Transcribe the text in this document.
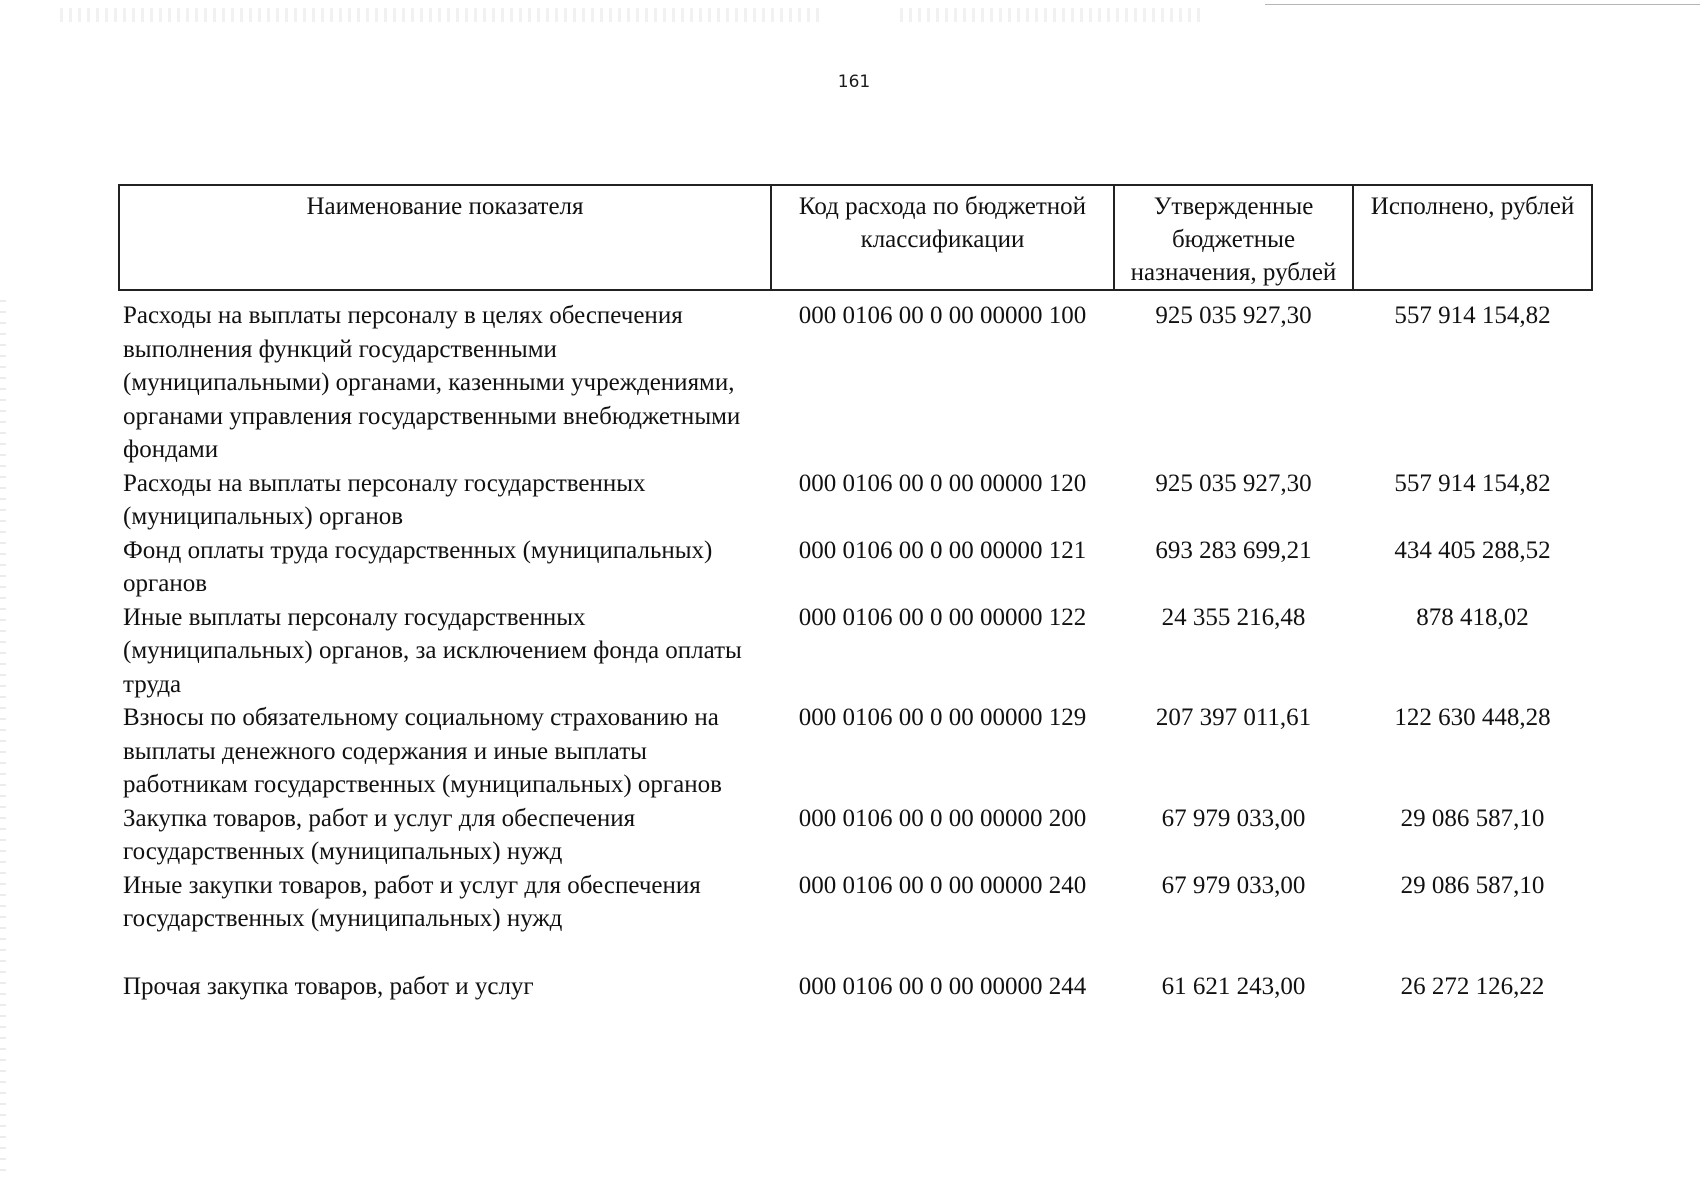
161
Наименование показателя	Код расхода по бюджетной классификации	Утвержденные бюджетные назначения, рублей	Исполнено, рублей
Расходы на выплаты персоналу в целях обеспечения выполнения функций государственными (муниципальными) органами, казенными учреждениями, органами управления государственными внебюджетными фондами	000 0106 00 0 00 00000 100	925 035 927,30	557 914 154,82
Расходы на выплаты персоналу государственных (муниципальных) органов	000 0106 00 0 00 00000 120	925 035 927,30	557 914 154,82
Фонд оплаты труда государственных (муниципальных) органов	000 0106 00 0 00 00000 121	693 283 699,21	434 405 288,52
Иные выплаты персоналу государственных (муниципальных) органов, за исключением фонда оплаты труда	000 0106 00 0 00 00000 122	24 355 216,48	878 418,02
Взносы по обязательному социальному страхованию на выплаты денежного содержания и иные выплаты работникам государственных (муниципальных) органов	000 0106 00 0 00 00000 129	207 397 011,61	122 630 448,28
Закупка товаров, работ и услуг для обеспечения государственных (муниципальных) нужд	000 0106 00 0 00 00000 200	67 979 033,00	29 086 587,10
Иные закупки товаров, работ и услуг для обеспечения государственных (муниципальных) нужд	000 0106 00 0 00 00000 240	67 979 033,00	29 086 587,10
Прочая закупка товаров, работ и услуг	000 0106 00 0 00 00000 244	61 621 243,00	26 272 126,22
